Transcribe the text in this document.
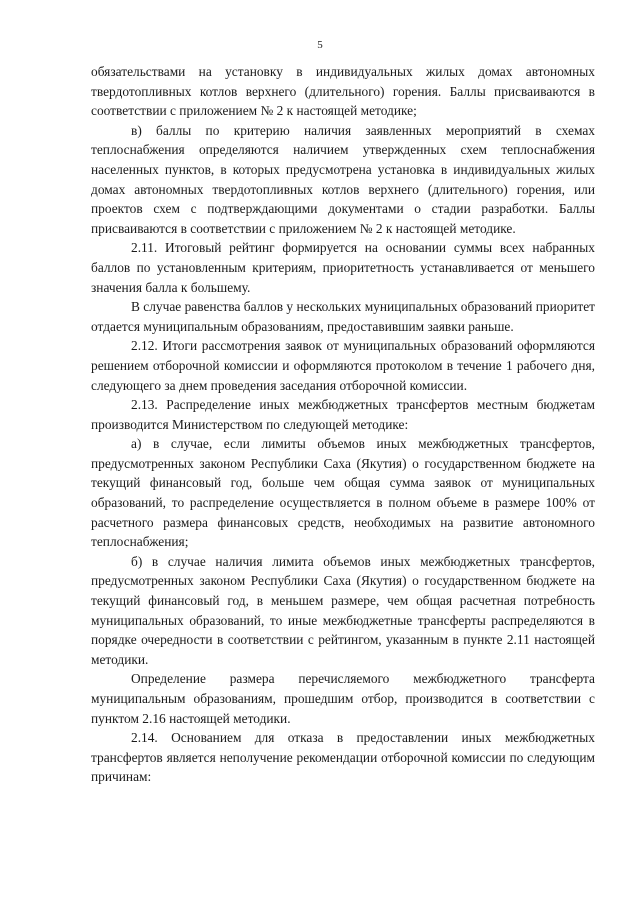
5

обязательствами на установку в индивидуальных жилых домах автономных твердотопливных котлов верхнего (длительного) горения. Баллы присваиваются в соответствии с приложением № 2 к настоящей методике;

в) баллы по критерию наличия заявленных мероприятий в схемах теплоснабжения определяются наличием утвержденных схем теплоснабжения населенных пунктов, в которых предусмотрена установка в индивидуальных жилых домах автономных твердотопливных котлов верхнего (длительного) горения, или проектов схем с подтверждающими документами о стадии разработки. Баллы присваиваются в соответствии с приложением № 2 к настоящей методике.

2.11. Итоговый рейтинг формируется на основании суммы всех набранных баллов по установленным критериям, приоритетность устанавливается от меньшего значения балла к большему.

В случае равенства баллов у нескольких муниципальных образований приоритет отдается муниципальным образованиям, предоставившим заявки раньше.

2.12. Итоги рассмотрения заявок от муниципальных образований оформляются решением отборочной комиссии и оформляются протоколом в течение 1 рабочего дня, следующего за днем проведения заседания отборочной комиссии.

2.13. Распределение иных межбюджетных трансфертов местным бюджетам производится Министерством по следующей методике:

а) в случае, если лимиты объемов иных межбюджетных трансфертов, предусмотренных законом Республики Саха (Якутия) о государственном бюджете на текущий финансовый год, больше чем общая сумма заявок от муниципальных образований, то распределение осуществляется в полном объеме в размере 100% от расчетного размера финансовых средств, необходимых на развитие автономного теплоснабжения;

б) в случае наличия лимита объемов иных межбюджетных трансфертов, предусмотренных законом Республики Саха (Якутия) о государственном бюджете на текущий финансовый год, в меньшем размере, чем общая расчетная потребность муниципальных образований, то иные межбюджетные трансферты распределяются в порядке очередности в соответствии с рейтингом, указанным в пункте 2.11 настоящей методики.

Определение размера перечисляемого межбюджетного трансферта муниципальным образованиям, прошедшим отбор, производится в соответствии с пунктом 2.16 настоящей методики.

2.14. Основанием для отказа в предоставлении иных межбюджетных трансфертов является неполучение рекомендации отборочной комиссии по следующим причинам:
